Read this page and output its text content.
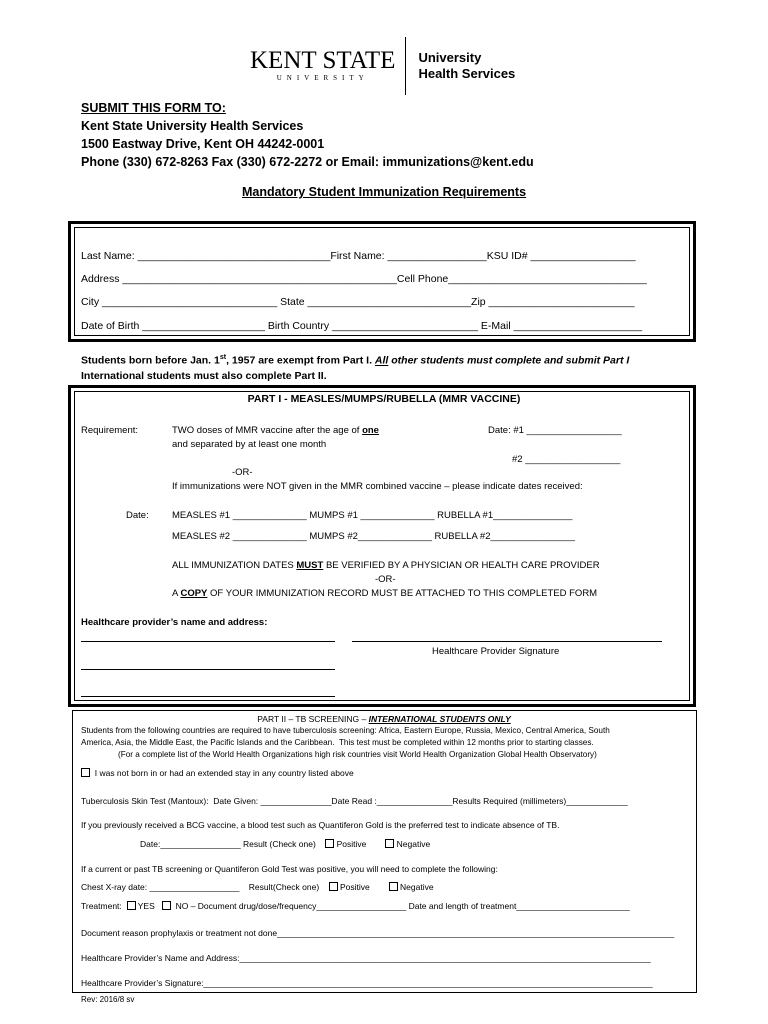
KENT STATE
UNIVERSITY
University
Health Services
SUBMIT THIS FORM TO:
Kent State University Health Services
1500 Eastway Drive, Kent OH 44242-0001
Phone (330) 672-8263 Fax (330) 672-2272 or Email: immunizations@kent.edu
Mandatory Student Immunization Requirements
Last Name: _________________________________First Name: _________________KSU ID# __________________
Address _______________________________________________Cell Phone__________________________________
City ______________________________ State ____________________________Zip _________________________
Date of Birth _____________________ Birth Country _________________________ E-Mail ______________________
Students born before Jan. 1st, 1957 are exempt from Part I. All other students must complete and submit Part I
International students must also complete Part II.
PART I - MEASLES/MUMPS/RUBELLA (MMR VACCINE)
Requirement:	TWO doses of MMR vaccine after the age of one
and separated by at least one month
Date: #1 __________________
#2 __________________
-OR-
If immunizations were NOT given in the MMR combined vaccine – please indicate dates received:
Date: MEASLES #1 ______________ MUMPS #1 ______________ RUBELLA #1_______________
MEASLES #2 ______________ MUMPS #2______________ RUBELLA #2________________
ALL IMMUNIZATION DATES MUST BE VERIFIED BY A PHYSICIAN OR HEALTH CARE PROVIDER
-OR-
A COPY OF YOUR IMMUNIZATION RECORD MUST BE ATTACHED TO THIS COMPLETED FORM
Healthcare provider’s name and address:
Healthcare Provider Signature
PART II – TB SCREENING – INTERNATIONAL STUDENTS ONLY
Students from the following countries are required to have tuberculosis screening: Africa, Eastern Europe, Russia, Mexico, Central America, South
America, Asia, the Middle East, the Pacific Islands and the Caribbean.  This test must be completed within 12 months prior to starting classes.
(For a complete list of the World Health Organizations high risk countries visit World Health Organization Global Health Observatory)
I was not born in or had an extended stay in any country listed above
Tuberculosis Skin Test (Mantoux):  Date Given: _______________Date Read :________________Results Required (millimeters)_____________
If you previously received a BCG vaccine, a blood test such as Quantiferon Gold is the preferred test to indicate absence of TB.
Date:_________________ Result (Check one) Positive	Negative
If a current or past TB screening or Quantiferon Gold Test was positive, you will need to complete the following:
Chest X-ray date: ___________________    Result(Check one) Positive	Negative
Treatment: YES NO – Document drug/dose/frequency___________________ Date and length of treatment________________________
Document reason prophylaxis or treatment not done____________________________________________________________________________________
Healthcare Provider’s Name and Address:_______________________________________________________________________________________
Healthcare Provider’s Signature:_______________________________________________________________________________________________
Rev: 2016/8 sv
